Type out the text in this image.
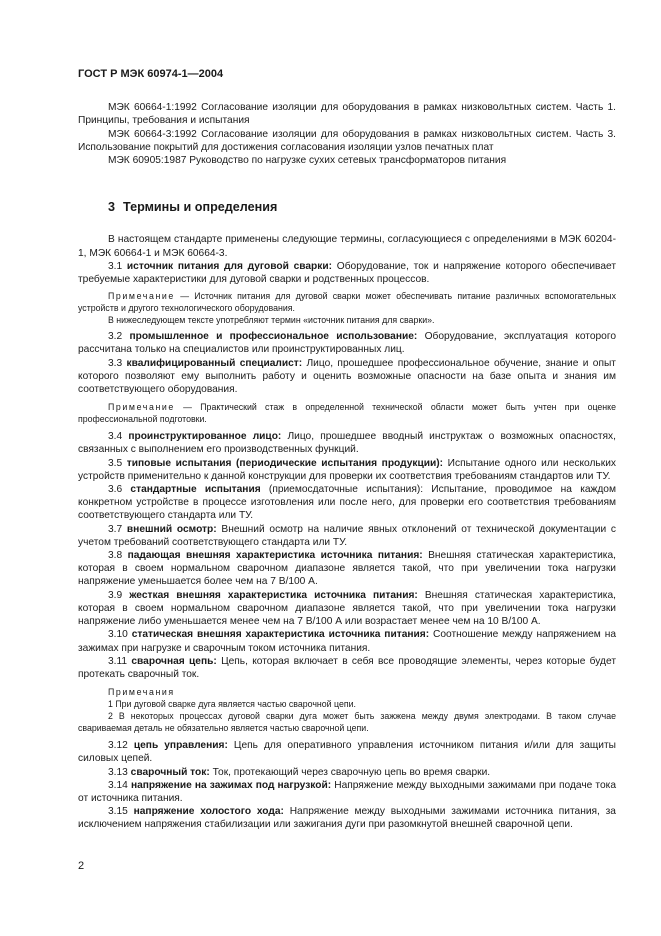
ГОСТ Р МЭК 60974-1—2004

МЭК 60664-1:1992 Согласование изоляции для оборудования в рамках низковольтных систем. Часть 1. Принципы, требования и испытания

МЭК 60664-3:1992 Согласование изоляции для оборудования в рамках низковольтных систем. Часть 3. Использование покрытий для достижения согласования изоляции узлов печатных плат

МЭК 60905:1987 Руководство по нагрузке сухих сетевых трансформаторов питания

3 Термины и определения

В настоящем стандарте применены следующие термины, согласующиеся с определениями в МЭК 60204-1, МЭК 60664-1 и МЭК 60664-3.

3.1 источник питания для дуговой сварки: Оборудование, ток и напряжение которого обеспечивает требуемые характеристики для дуговой сварки и родственных процессов.

Примечание — Источник питания для дуговой сварки может обеспечивать питание различных вспомогательных устройств и другого технологического оборудования.

В нижеследующем тексте употребляют термин «источник питания для сварки».

3.2 промышленное и профессиональное использование: Оборудование, эксплуатация которого рассчитана только на специалистов или проинструктированных лиц.

3.3 квалифицированный специалист: Лицо, прошедшее профессиональное обучение, знание и опыт которого позволяют ему выполнить работу и оценить возможные опасности на базе опыта и знания им соответствующего оборудования.

Примечание — Практический стаж в определенной технической области может быть учтен при оценке профессиональной подготовки.

3.4 проинструктированное лицо: Лицо, прошедшее вводный инструктаж о возможных опасностях, связанных с выполнением его производственных функций.

3.5 типовые испытания (периодические испытания продукции): Испытание одного или нескольких устройств применительно к данной конструкции для проверки их соответствия требованиям стандартов или ТУ.

3.6 стандартные испытания (приемосдаточные испытания): Испытание, проводимое на каждом конкретном устройстве в процессе изготовления или после него, для проверки его соответствия требованиям соответствующего стандарта или ТУ.

3.7 внешний осмотр: Внешний осмотр на наличие явных отклонений от технической документации с учетом требований соответствующего стандарта или ТУ.

3.8 падающая внешняя характеристика источника питания: Внешняя статическая характеристика, которая в своем нормальном сварочном диапазоне является такой, что при увеличении тока нагрузки напряжение уменьшается более чем на 7 В/100 А.

3.9 жесткая внешняя характеристика источника питания: Внешняя статическая характеристика, которая в своем нормальном сварочном диапазоне является такой, что при увеличении тока нагрузки напряжение либо уменьшается менее чем на 7 В/100 А или возрастает менее чем на 10 В/100 А.

3.10 статическая внешняя характеристика источника питания: Соотношение между напряжением на зажимах при нагрузке и сварочным током источника питания.

3.11 сварочная цепь: Цепь, которая включает в себя все проводящие элементы, через которые будет протекать сварочный ток.

Примечания

1 При дуговой сварке дуга является частью сварочной цепи.

2 В некоторых процессах дуговой сварки дуга может быть зажжена между двумя электродами. В таком случае свариваемая деталь не обязательно является частью сварочной цепи.

3.12 цепь управления: Цепь для оперативного управления источником питания и/или для защиты силовых цепей.

3.13 сварочный ток: Ток, протекающий через сварочную цепь во время сварки.

3.14 напряжение на зажимах под нагрузкой: Напряжение между выходными зажимами при подаче тока от источника питания.

3.15 напряжение холостого хода: Напряжение между выходными зажимами источника питания, за исключением напряжения стабилизации или зажигания дуги при разомкнутой внешней сварочной цепи.

2
